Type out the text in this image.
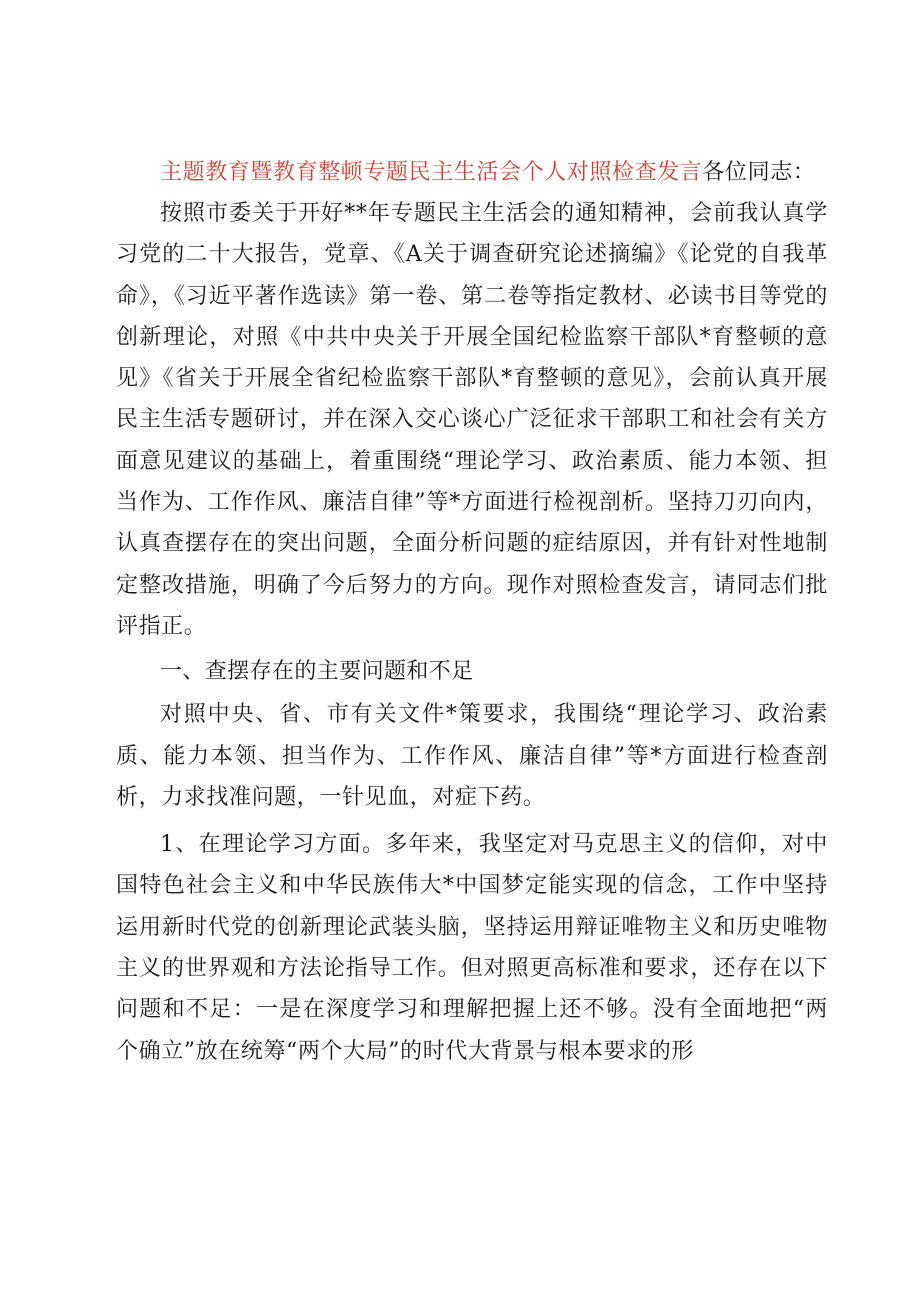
主题教育暨教育整顿专题民主生活会个人对照检查发言各位同志：

按照市委关于开好**年专题民主生活会的通知精神，会前我认真学习党的二十大报告，党章、《A关于调查研究论述摘编》《论党的自我革命》，《习近平著作选读》第一卷、第二卷等指定教材、必读书目等党的创新理论，对照《中共中央关于开展全国纪检监察干部队*育整顿的意见》《省关于开展全省纪检监察干部队*育整顿的意见》，会前认真开展民主生活专题研讨，并在深入交心谈心广泛征求干部职工和社会有关方面意见建议的基础上，着重围绕“理论学习、政治素质、能力本领、担当作为、工作作风、廉洁自律”等*方面进行检视剖析。坚持刀刃向内，认真查摆存在的突出问题，全面分析问题的症结原因，并有针对性地制定整改措施，明确了今后努力的方向。现作对照检查发言，请同志们批评指正。

一、查摆存在的主要问题和不足

对照中央、省、市有关文件*策要求，我围绕“理论学习、政治素质、能力本领、担当作为、工作作风、廉洁自律”等*方面进行检查剖析，力求找准问题，一针见血，对症下药。

1、在理论学习方面。多年来，我坚定对马克思主义的信仰，对中国特色社会主义和中华民族伟大*中国梦定能实现的信念，工作中坚持运用新时代党的创新理论武装头脑，坚持运用辩证唯物主义和历史唯物主义的世界观和方法论指导工作。但对照更高标准和要求，还存在以下问题和不足：一是在深度学习和理解把握上还不够。没有全面地把“两个确立”放在统筹“两个大局”的时代大背景与根本要求的形
